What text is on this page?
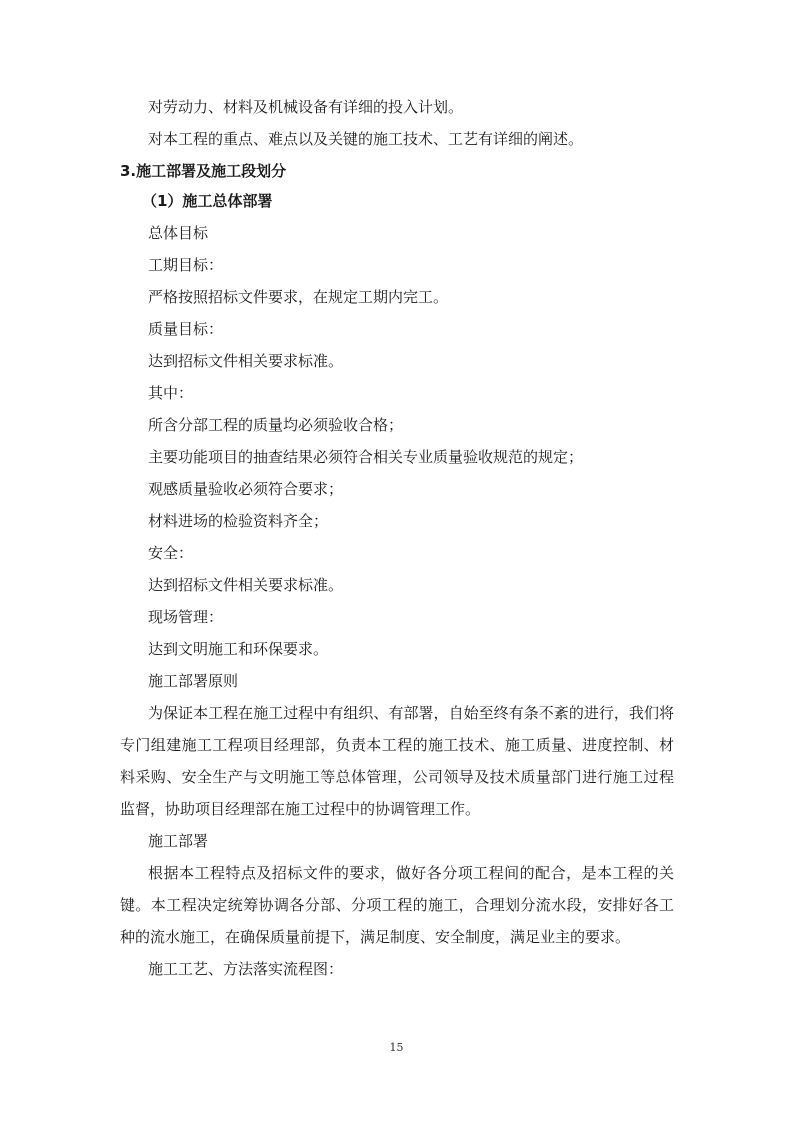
对劳动力、材料及机械设备有详细的投入计划。
对本工程的重点、难点以及关键的施工技术、工艺有详细的阐述。
3.施工部署及施工段划分
（1）施工总体部署
总体目标
工期目标：
严格按照招标文件要求，在规定工期内完工。
质量目标：
达到招标文件相关要求标准。
其中：
所含分部工程的质量均必须验收合格；
主要功能项目的抽查结果必须符合相关专业质量验收规范的规定；
观感质量验收必须符合要求；
材料进场的检验资料齐全；
安全：
达到招标文件相关要求标准。
现场管理：
达到文明施工和环保要求。
施工部署原则
为保证本工程在施工过程中有组织、有部署，自始至终有条不紊的进行，我们将专门组建施工工程项目经理部，负责本工程的施工技术、施工质量、进度控制、材料采购、安全生产与文明施工等总体管理，公司领导及技术质量部门进行施工过程监督，协助项目经理部在施工过程中的协调管理工作。
施工部署
根据本工程特点及招标文件的要求，做好各分项工程间的配合，是本工程的关键。本工程决定统筹协调各分部、分项工程的施工，合理划分流水段，安排好各工种的流水施工，在确保质量前提下，满足制度、安全制度，满足业主的要求。
施工工艺、方法落实流程图：
15
